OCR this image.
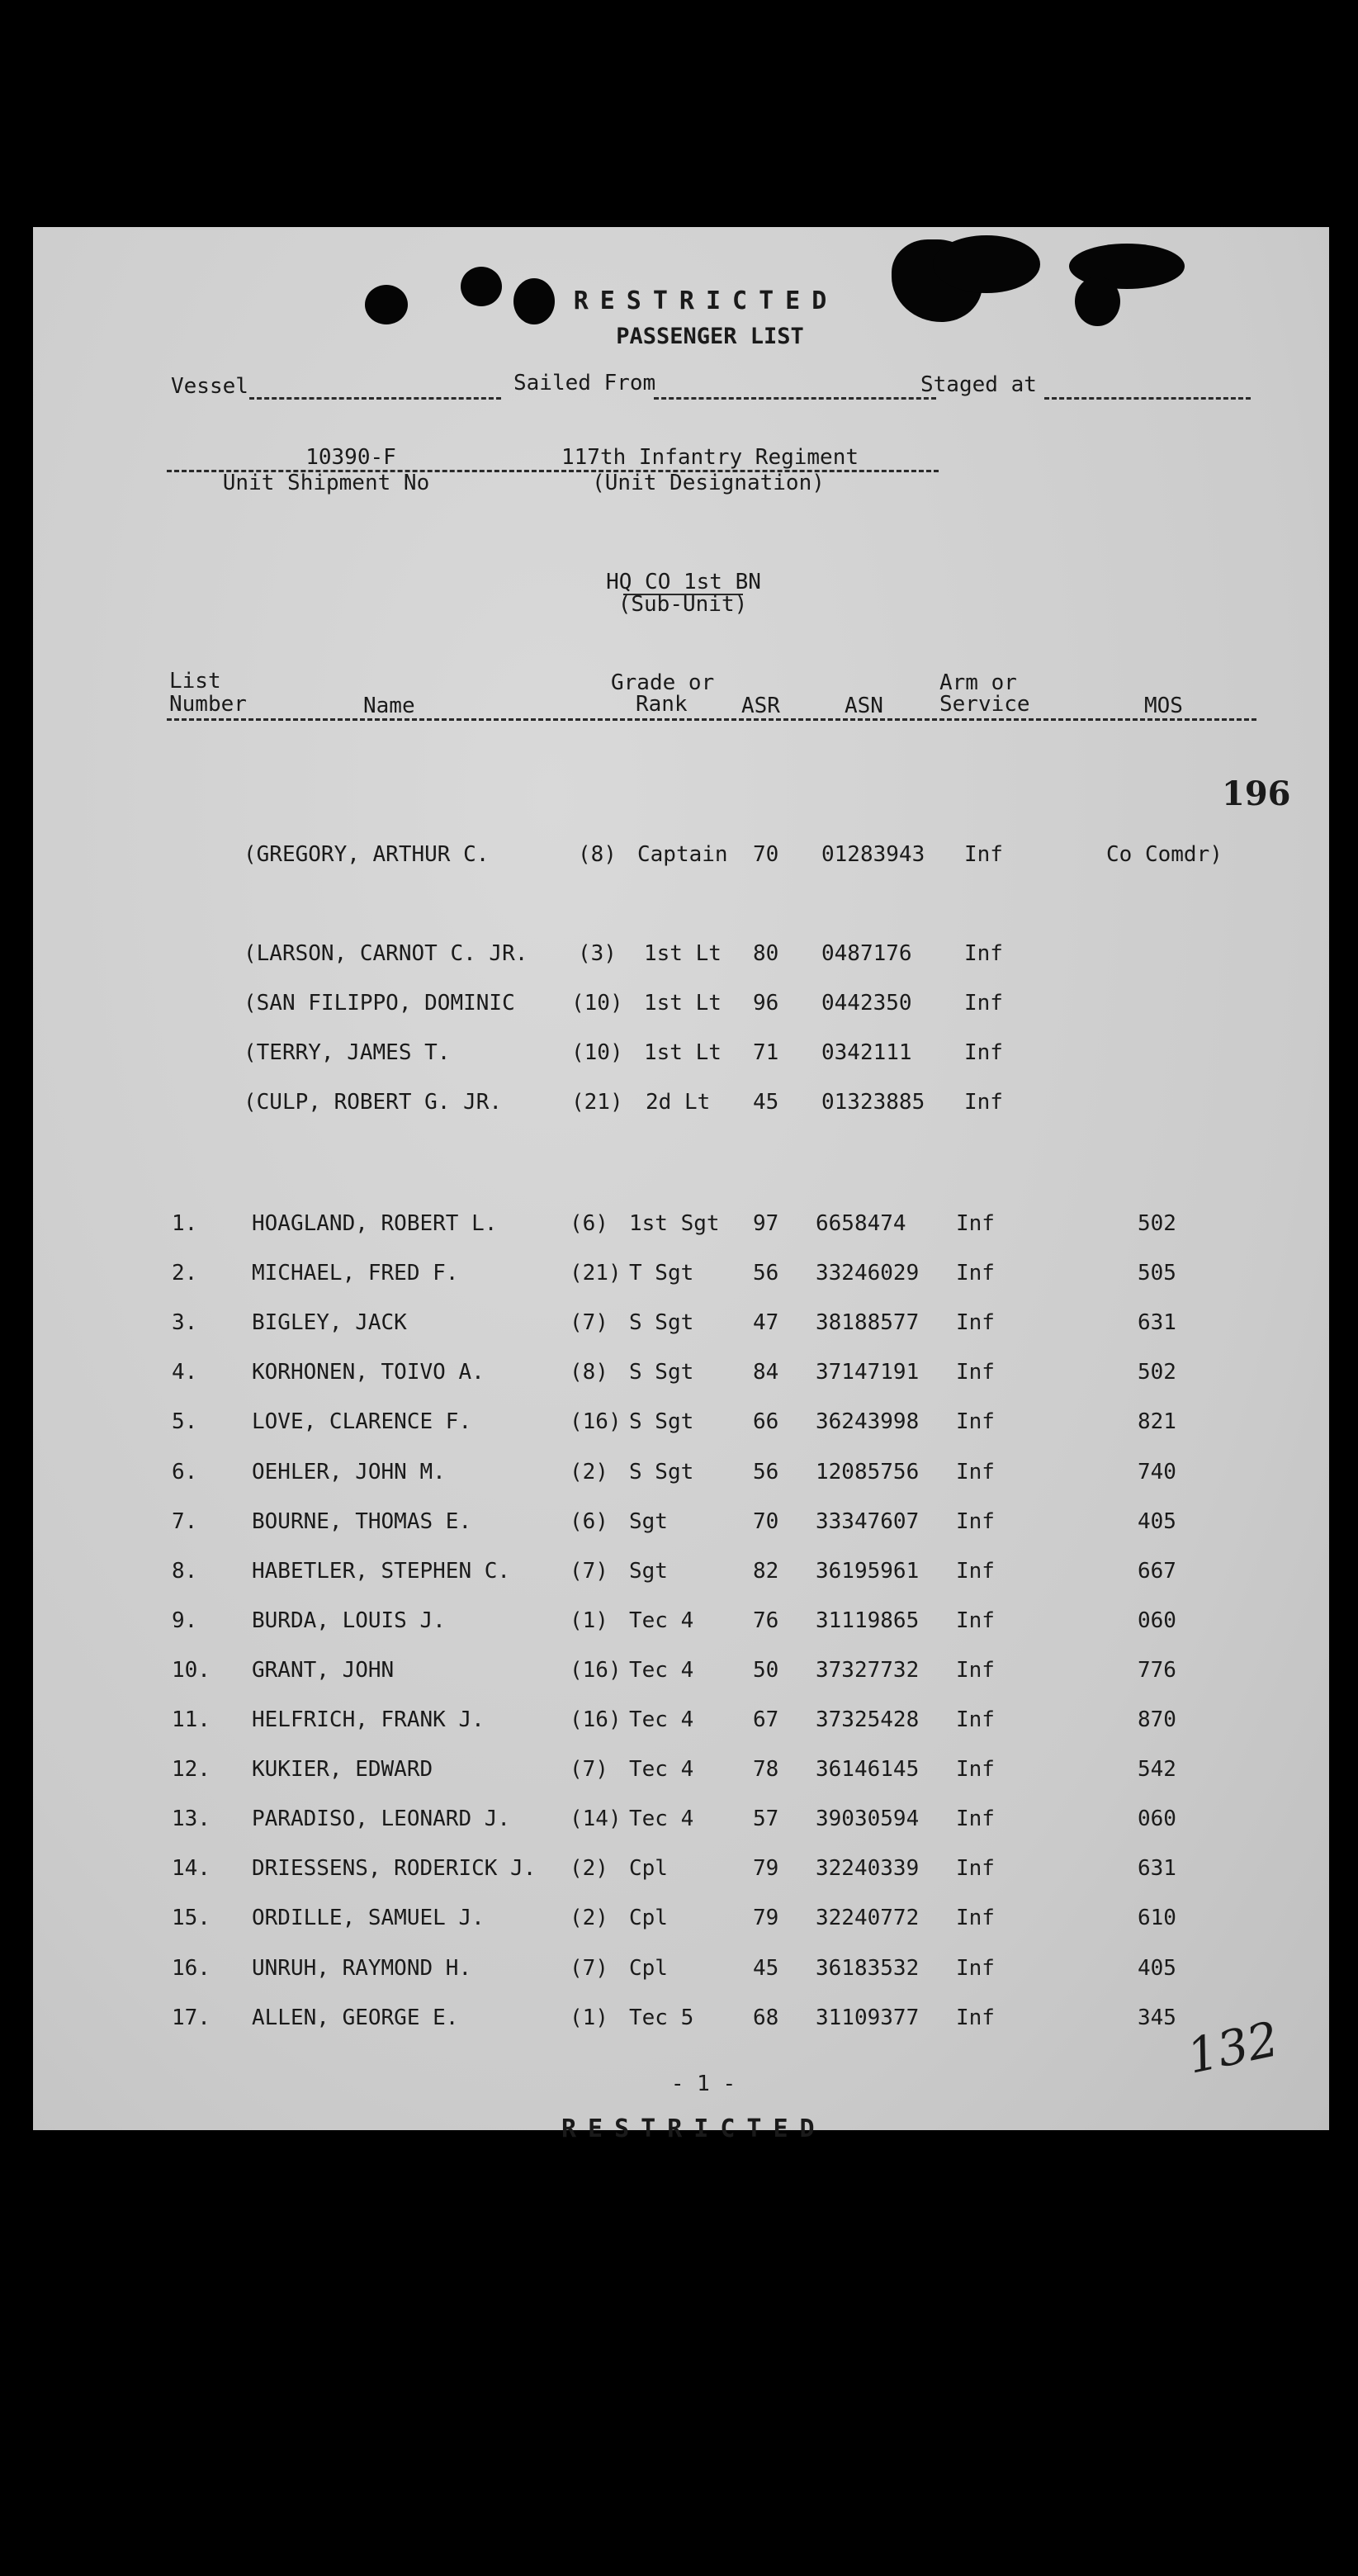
RESTRICTED
PASSENGER LIST
Vessel	Sailed From	Staged at
10390-F	117th Infantry Regiment
Unit Shipment No	(Unit Designation)
HQ CO 1st BN
(Sub-Unit)
List
Number	Name
Grade or
Rank	ASR	ASN
Arm or
Service	MOS
196
(GREGORY, ARTHUR C.	(8) Captain 70 01283943 Inf	Co Comdr)
(LARSON, CARNOT C. JR. (3) 1st Lt 80 0487176 Inf
(SAN FILIPPO, DOMINIC	(10) 1st Lt 96 0442350 Inf
(TERRY, JAMES T.	(10) 1st Lt 71 0342111 Inf
(CULP, ROBERT G. JR.	(21) 2d Lt 45 01323885 Inf
1.	HOAGLAND, ROBERT L.	(6) 1st Sgt 97 6658474 Inf	502
2.	MICHAEL, FRED F.	(21) T Sgt	56 33246029 Inf	505
3.	BIGLEY, JACK	(7) S Sgt	47 38188577 Inf	631
4.	KORHONEN, TOIVO A.	(8) S Sgt	84 37147191 Inf	502
5.	LOVE, CLARENCE F.	(16) S Sgt	66 36243998 Inf	821
6.	OEHLER, JOHN M.	(2) S Sgt	56 12085756 Inf	740
7.	BOURNE, THOMAS E.	(6) Sgt	70 33347607 Inf	405
8.	HABETLER, STEPHEN C.	(7) Sgt	82 36195961 Inf	667
9.	BURDA, LOUIS J.	(1) Tec 4	76 31119865 Inf	060
10. GRANT, JOHN	(16) Tec 4	50 37327732 Inf	776
11. HELFRICH, FRANK J.	(16) Tec 4	67 37325428 Inf	870
12. KUKIER, EDWARD	(7) Tec 4	78 36146145 Inf	542
13. PARADISO, LEONARD J.	(14) Tec 4	57 39030594 Inf	060
14. DRIESSENS, RODERICK J. (2) Cpl	79 32240339 Inf	631
15. ORDILLE, SAMUEL J.	(2) Cpl	79 32240772 Inf	610
16. UNRUH, RAYMOND H.	(7) Cpl	45 36183532 Inf	405
17. ALLEN, GEORGE E.	(1) Tec 5	68 31109377 Inf	345
- 1 -
RESTRICTED
132
